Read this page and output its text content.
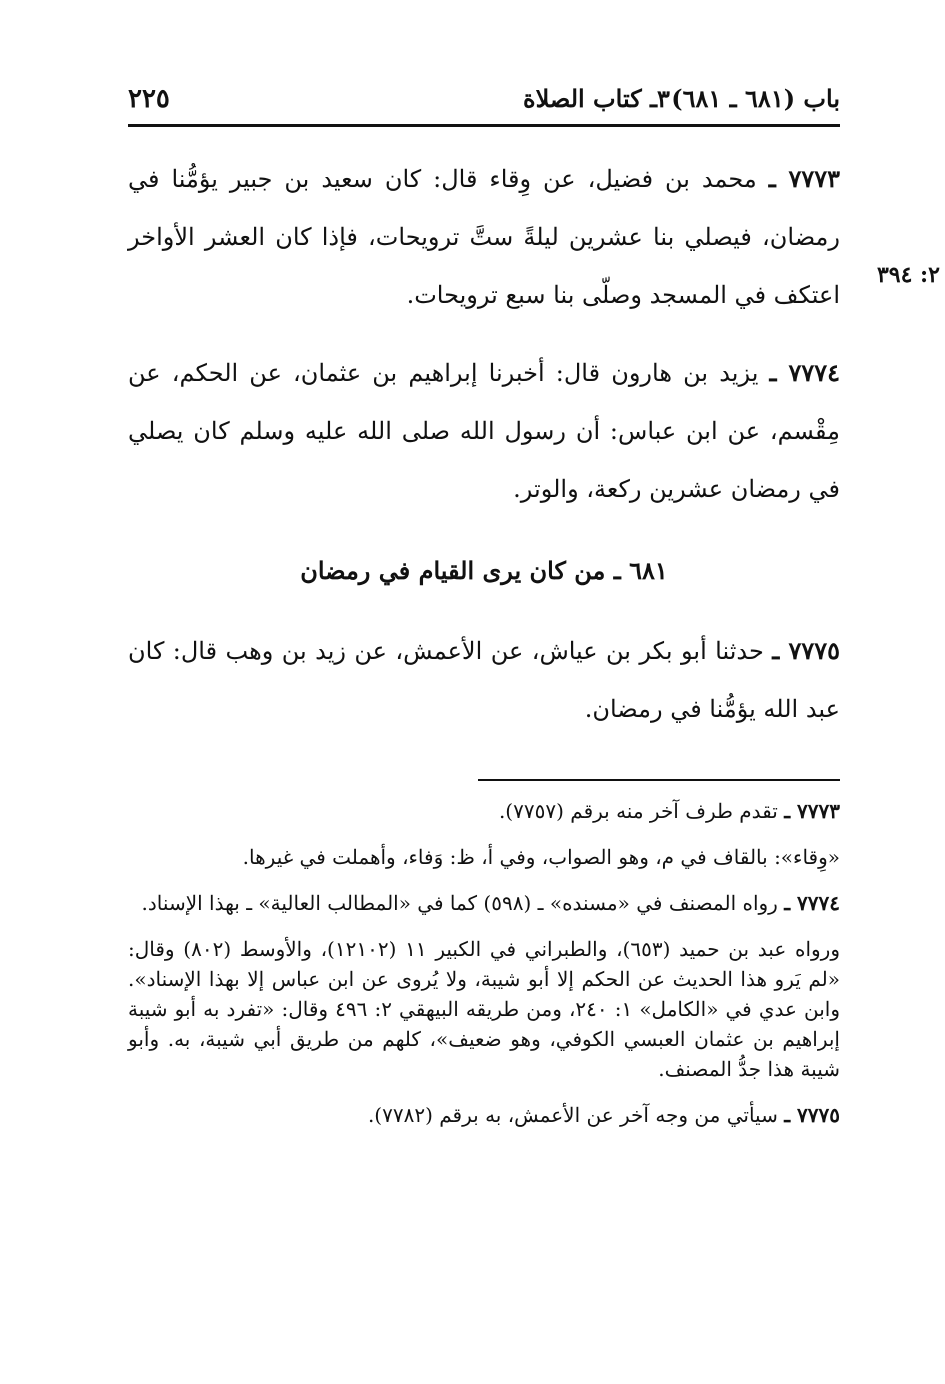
٢٢٥	٣ـ كتاب الصلاة باب (٦٨١ ـ ٦٨١)
٢: ٣٩٤

٧٧٧٣ ـ محمد بن فضيل، عن وِقاء قال: كان سعيد بن جبير يؤمُّنا في رمضان، فيصلي بنا عشرين ليلةً ستَّ ترويحات، فإذا كان العشر الأواخر اعتكف في المسجد وصلّى بنا سبع ترويحات.

٧٧٧٤ ـ يزيد بن هارون قال: أخبرنا إبراهيم بن عثمان، عن الحكم، عن مِقْسم، عن ابن عباس: أن رسول الله صلى الله عليه وسلم كان يصلي في رمضان عشرين ركعة، والوتر.

٦٨١ ـ من كان يرى القيام في رمضان

٧٧٧٥ ـ حدثنا أبو بكر بن عياش، عن الأعمش، عن زيد بن وهب قال: كان عبد الله يؤمُّنا في رمضان.

٧٧٧٣ ـ تقدم طرف آخر منه برقم (٧٧٥٧).

«وِقاء»: بالقاف في م، وهو الصواب، وفي أ، ظ: وَفاء، وأهملت في غيرها.

٧٧٧٤ ـ رواه المصنف في «مسنده» ـ (٥٩٨) كما في «المطالب العالية» ـ بهذا الإسناد.

ورواه عبد بن حميد (٦٥٣)، والطبراني في الكبير ١١ (١٢١٠٢)، والأوسط (٨٠٢) وقال: «لم يَرو هذا الحديث عن الحكم إلا أبو شيبة، ولا يُروى عن ابن عباس إلا بهذا الإسناد». وابن عدي في «الكامل» ١: ٢٤٠، ومن طريقه البيهقي ٢: ٤٩٦ وقال: «تفرد به أبو شيبة إبراهيم بن عثمان العبسي الكوفي، وهو ضعيف»، كلهم من طريق أبي شيبة، به. وأبو شيبة هذا جدُّ المصنف.

٧٧٧٥ ـ سيأتي من وجه آخر عن الأعمش، به برقم (٧٧٨٢).
